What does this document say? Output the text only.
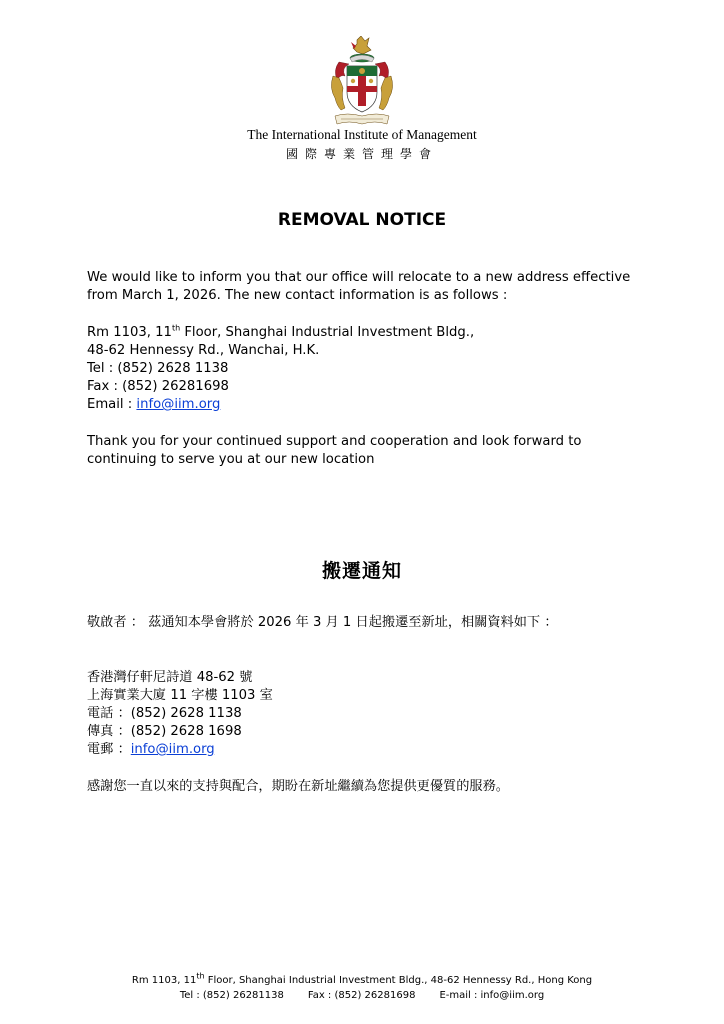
The International Institute of Management
國際專業管理學會
REMOVAL NOTICE

We would like to inform you that our office will relocate to a new address effective from March 1, 2026. The new contact information is as follows :

Rm 1103, 11th Floor, Shanghai Industrial Investment Bldg.,

48-62 Hennessy Rd., Wanchai, H.K.

Tel : (852) 2628 1138

Fax : (852) 26281698

Email : info@iim.org

Thank you for your continued support and cooperation and look forward to continuing to serve you at our new location

搬遷通知

敬啟者 ： 茲通知本學會將於 2026 年 3 月 1 日起搬遷至新址，相關資料如下 ：

香港灣仔軒尼詩道 48-62 號

上海實業大廈 11 字樓 1103 室

電話 ：(852) 2628 1138

傳真 ：(852) 2628 1698

電郵 ：info@iim.org

感謝您一直以來的支持與配合，期盼在新址繼續為您提供更優質的服務。

Rm 1103, 11th Floor, Shanghai Industrial Investment Bldg., 48-62 Hennessy Rd., Hong Kong
Tel : (852) 26281138 Fax : (852) 26281698 E-mail : info@iim.org
